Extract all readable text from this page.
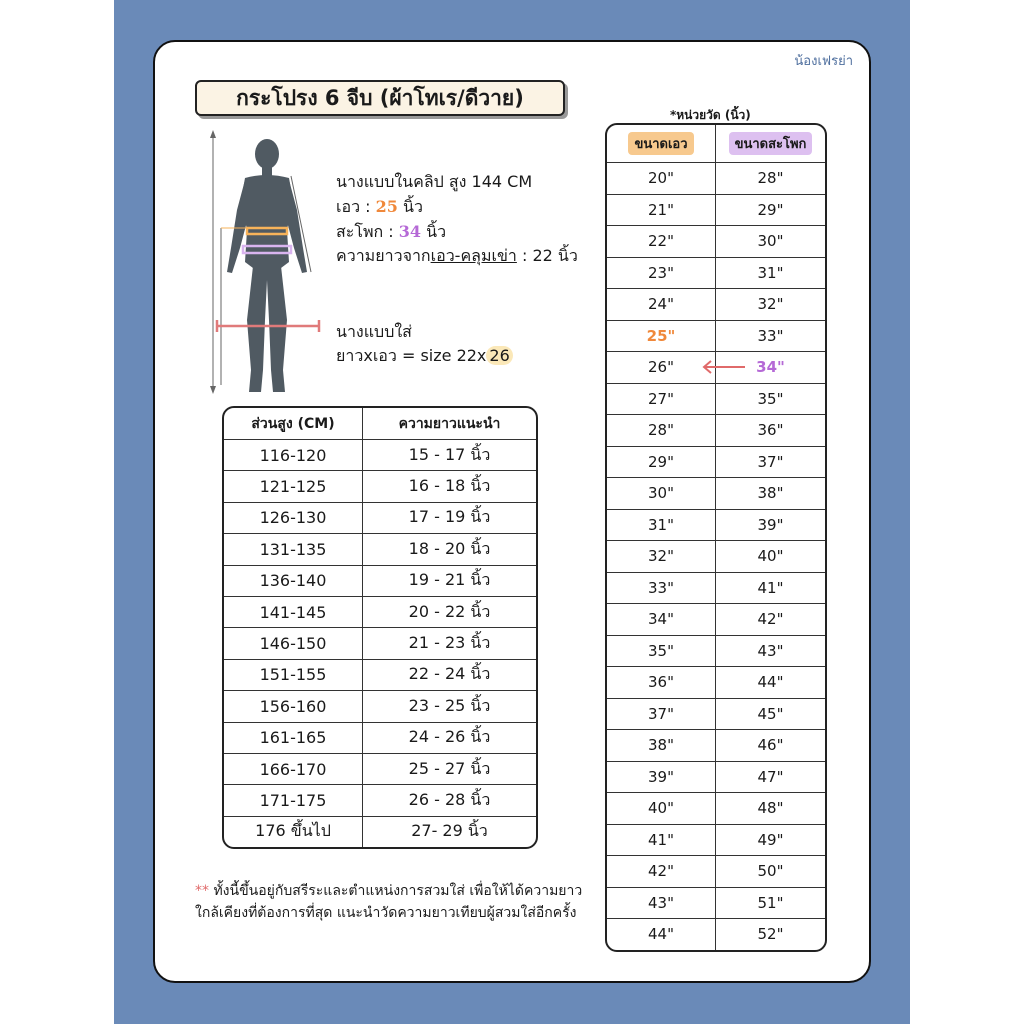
น้องเฟรย่า
กระโปรง 6 จีบ (ผ้าโทเร/ดีวาย)
นางแบบในคลิป สูง 144 CM
เอว : 25 นิ้ว
สะโพก : 34 นิ้ว
ความยาวจากเอว-คลุมเข่า : 22 นิ้ว
นางแบบใส่
ยาวxเอว = size 22x 26
ส่วนสูง (CM)	ความยาวแนะนำ
116-120	15 - 17 นิ้ว
121-125	16 - 18 นิ้ว
126-130	17 - 19 นิ้ว
131-135	18 - 20 นิ้ว
136-140	19 - 21 นิ้ว
141-145	20 - 22 นิ้ว
146-150	21 - 23 นิ้ว
151-155	22 - 24 นิ้ว
156-160	23 - 25 นิ้ว
161-165	24 - 26 นิ้ว
166-170	25 - 27 นิ้ว
171-175	26 - 28 นิ้ว
176 ขึ้นไป	27- 29 นิ้ว
*หน่วยวัด (นิ้ว)
ขนาดเอว	ขนาดสะโพก
20"	28"
21"	29"
22"	30"
23"	31"
24"	32"
25"	33"
26"	34"
27"	35"
28"	36"
29"	37"
30"	38"
31"	39"
32"	40"
33"	41"
34"	42"
35"	43"
36"	44"
37"	45"
38"	46"
39"	47"
40"	48"
41"	49"
42"	50"
43"	51"
44"	52"
** ทั้งนี้ขึ้นอยู่กับสรีระและตำแหน่งการสวมใส่ เพื่อให้ได้ความยาวใกล้เคียงที่ต้องการที่สุด แนะนำวัดความยาวเทียบผู้สวมใส่อีกครั้ง
